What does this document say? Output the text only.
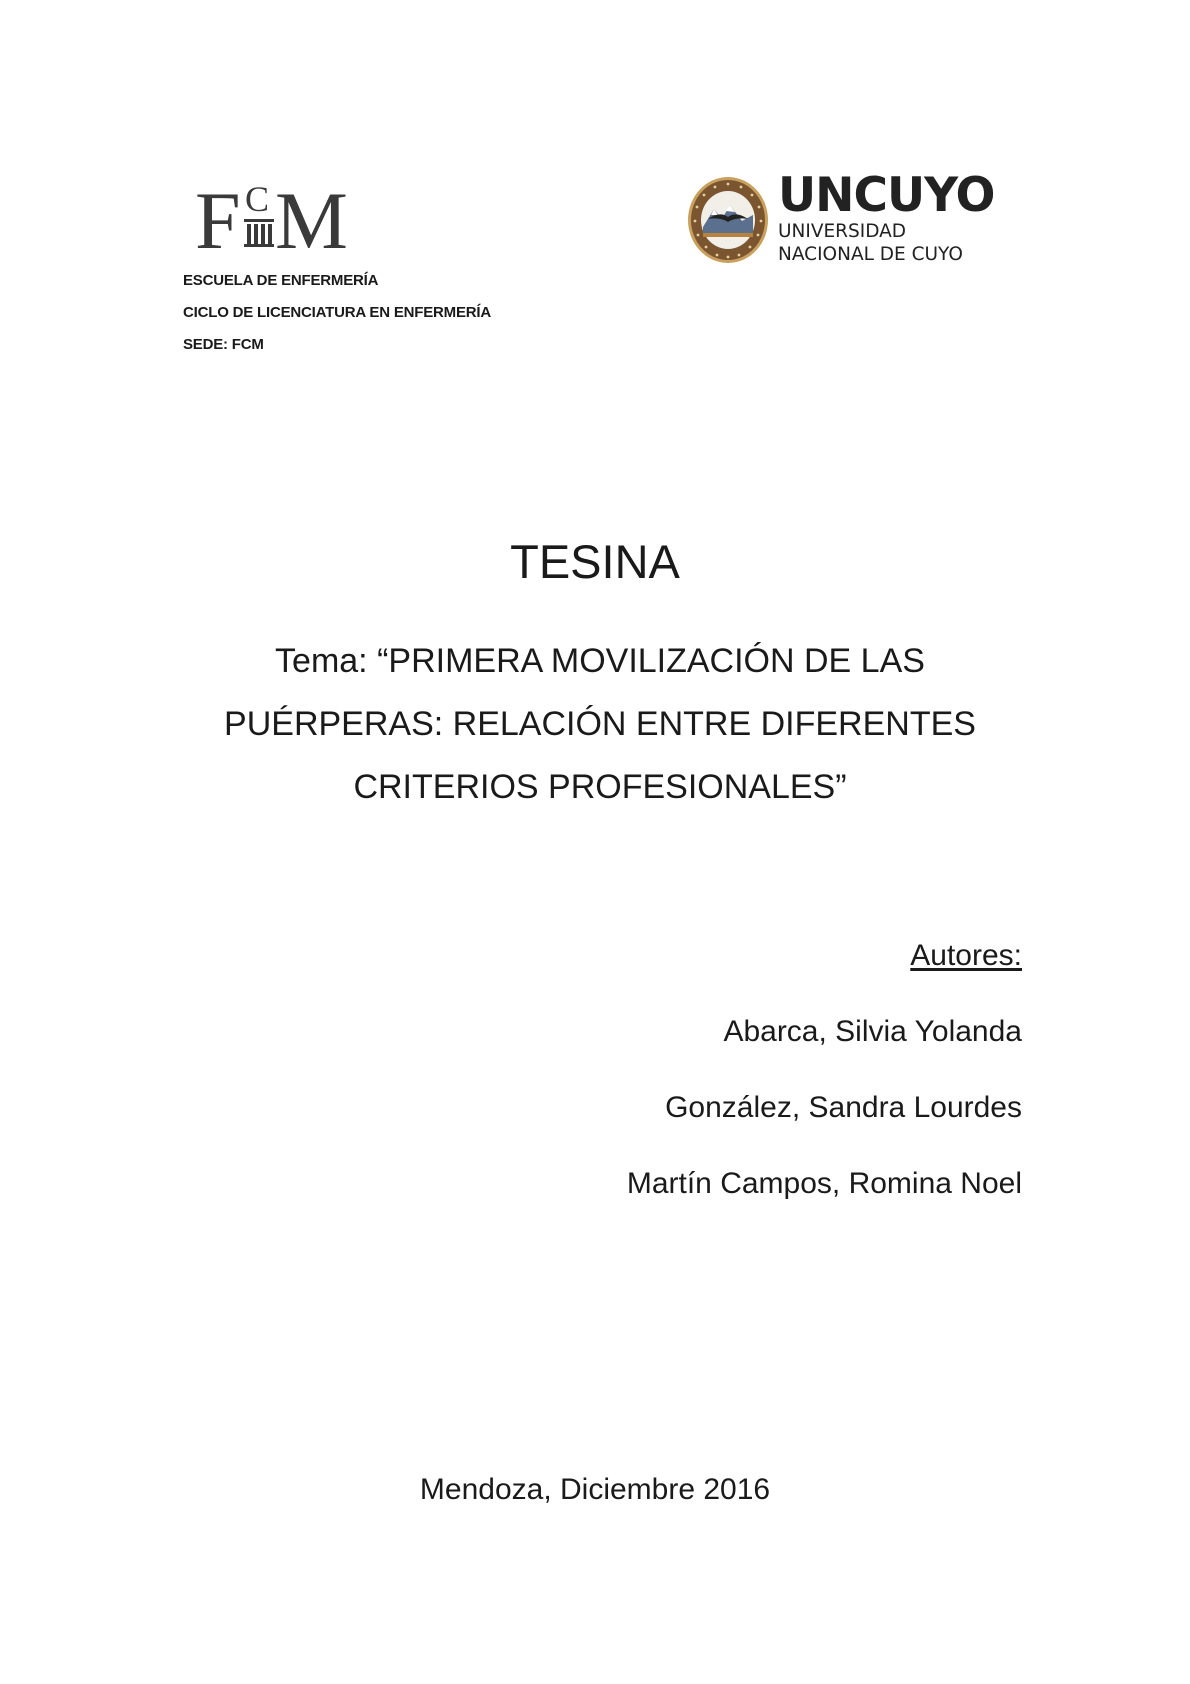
F C M	UNCUYO
UNIVERSIDAD
NACIONAL DE CUYO
ESCUELA DE ENFERMERÍA
CICLO DE LICENCIATURA EN ENFERMERÍA
SEDE: FCM
TESINA
Tema: “PRIMERA MOVILIZACIÓN DE LAS
PUÉRPERAS: RELACIÓN ENTRE DIFERENTES
CRITERIOS PROFESIONALES”
Autores:
Abarca, Silvia Yolanda
González, Sandra Lourdes
Martín Campos, Romina Noel
Mendoza, Diciembre 2016
